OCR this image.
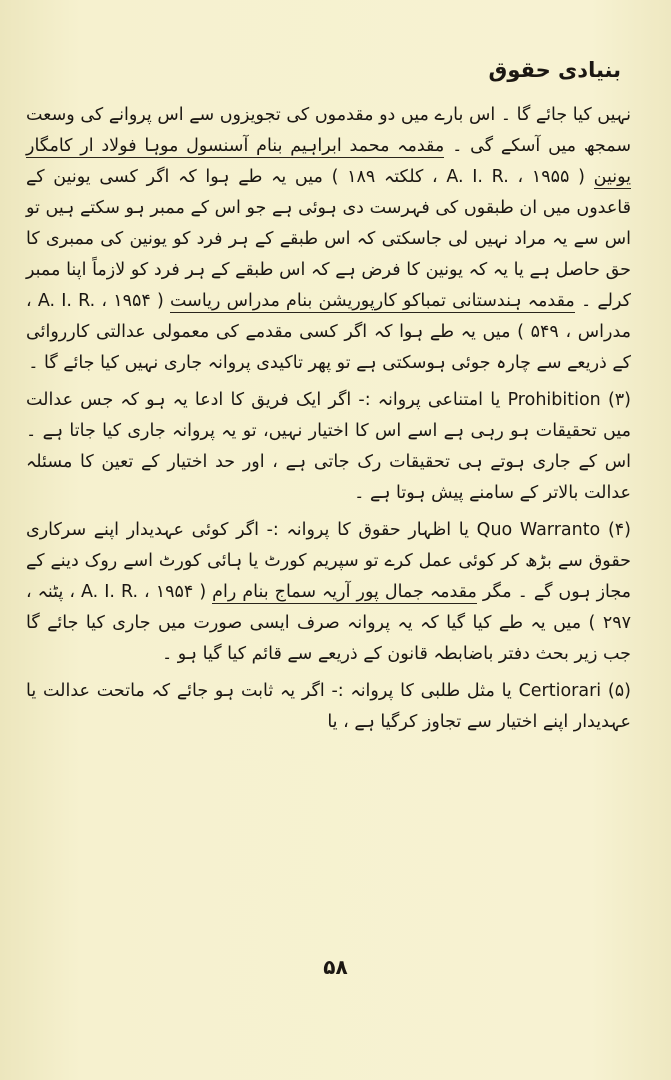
بنیادی حقوق

نہیں کیا جائے گا ۔ اس بارے میں دو مقدموں کی تجویزوں سے اس پروانے کی وسعت سمجھ میں آسکے گی ۔ مقدمہ محمد ابراہیم بنام آسنسول موہا فولاد ار کامگار یونین ( A. I. R. ، ۱۹۵۵ ، کلکتہ ۱۸۹ ) میں یہ طے ہوا کہ اگر کسی یونین کے قاعدوں میں ان طبقوں کی فہرست دی ہوئی ہے جو اس کے ممبر ہو سکتے ہیں تو اس سے یہ مراد نہیں لی جاسکتی کہ اس طبقے کے ہر فرد کو یونین کی ممبری کا حق حاصل ہے یا یہ کہ یونین کا فرض ہے کہ اس طبقے کے ہر فرد کو لازماً اپنا ممبر کرلے ۔ مقدمہ ہندستانی تمباکو کارپوریشن بنام مدراس ریاست ( A. I. R. ، ۱۹۵۴ ، مدراس ، ۵۴۹ ) میں یہ طے ہوا کہ اگر کسی مقدمے کی معمولی عدالتی کارروائی کے ذریعے سے چارہ جوئی ہوسکتی ہے تو پھر تاکیدی پروانہ جاری نہیں کیا جائے گا ۔

(۳) Prohibition یا امتناعی پروانہ :- اگر ایک فریق کا ادعا یہ ہو کہ جس عدالت میں تحقیقات ہو رہی ہے اسے اس کا اختیار نہیں، تو یہ پروانہ جاری کیا جاتا ہے ۔ اس کے جاری ہوتے ہی تحقیقات رک جاتی ہے ، اور حد اختیار کے تعین کا مسئلہ عدالت بالاتر کے سامنے پیش ہوتا ہے ۔

(۴) Quo Warranto یا اظہار حقوق کا پروانہ :- اگر کوئی عہدیدار اپنے سرکاری حقوق سے بڑھ کر کوئی عمل کرے تو سپریم کورٹ یا ہائی کورٹ اسے روک دینے کے مجاز ہوں گے ۔ مگر مقدمہ جمال پور آریہ سماج بنام رام ( A. I. R. ، ۱۹۵۴ ، پٹنہ ، ۲۹۷ ) میں یہ طے کیا گیا کہ یہ پروانہ صرف ایسی صورت میں جاری کیا جائے گا جب زیر بحث دفتر باضابطہ قانون کے ذریعے سے قائم کیا گیا ہو ۔

(۵) Certiorari یا مثل طلبی کا پروانہ :- اگر یہ ثابت ہو جائے کہ ماتحت عدالت یا عہدیدار اپنے اختیار سے تجاوز کرگیا ہے ، یا

۵۸
